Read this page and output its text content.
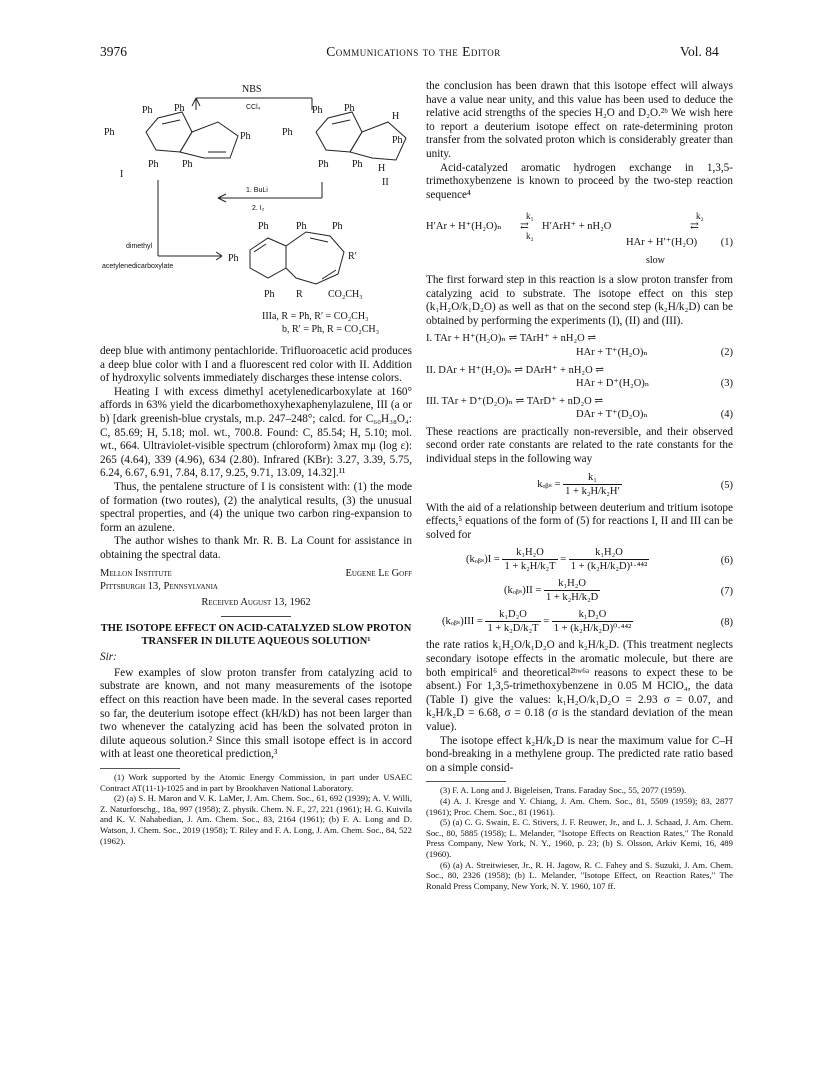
3976	Communications to the Editor	Vol. 84
NBS
CCl₄
Ph Ph
Ph	Ph
Ph Ph
I
Ph Ph
Ph
H
Ph
H
Ph Ph
II
1. BuLi
2. I₂
dimethyl
acetylenedicarboxylate
Ph	Ph	Ph
Ph	R′
Ph R	CO₂CH₃
IIIa, R = Ph, R′ = CO₂CH₃
b, R′ = Ph, R = CO₂CH₃

deep blue with antimony pentachloride. Trifluoroacetic acid produces a deep blue color with I and a fluorescent red color with II. Addition of hydroxylic solvents immediately discharges these intense colors.

Heating I with excess dimethyl acetylenedicarboxylate at 160° affords in 63% yield the dicarbomethoxyhexaphenylazulene, III (a or b) [dark greenish-blue crystals, m.p. 247–248°; calcd. for C₆₀H₃₈O₄: C, 85.69; H, 5.18; mol. wt., 700.8. Found: C, 85.54; H, 5.10; mol. wt., 664. Ultraviolet-visible spectrum (chloroform) λmax mμ (log ε): 265 (4.64), 339 (4.96), 634 (2.80). Infrared (KBr): 3.27, 3.39, 5.75, 6.24, 6.67, 6.91, 7.84, 8.17, 9.25, 9.71, 13.09, 14.32].¹¹

Thus, the pentalene structure of I is consistent with: (1) the mode of formation (two routes), (2) the analytical results, (3) the unusual spectral properties, and (4) the unique two carbon ring-expansion to form an azulene.

The author wishes to thank Mr. R. B. La Count for assistance in obtaining the spectral data.

Mellon Institute	Eugene Le Goff
Pittsburgh 13, Pennsylvania
Received August 13, 1962
THE ISOTOPE EFFECT ON ACID-CATALYZED SLOW PROTON TRANSFER IN DILUTE AQUEOUS SOLUTION¹
Sir:

Few examples of slow proton transfer from catalyzing acid to substrate are known, and not many measurements of the isotope effect on this reaction have been made. In the several cases reported so far, the deuterium isotope effect (kH/kD) has not been larger than two whenever the catalyzing acid has been the solvated proton in dilute aqueous solution.² Since this small isotope effect is in accord with at least one theoretical prediction,³

(1) Work supported by the Atomic Energy Commission, in part under USAEC Contract AT(11-1)-1025 and in part by Brookhaven National Laboratory.

(2) (a) S. H. Maron and V. K. LaMer, J. Am. Chem. Soc., 61, 692 (1939); A. V. Willi, Z. Naturforschg., 18a, 997 (1958); Z. physik. Chem. N. F., 27, 221 (1961); H. G. Kuivila and K. V. Nahabedian, J. Am. Chem. Soc., 83, 2164 (1961); (b) F. A. Long and D. Watson, J. Chem. Soc., 2019 (1958); T. Riley and F. A. Long, J. Am. Chem. Soc., 84, 522 (1962).

the conclusion has been drawn that this isotope effect will always have a value near unity, and this value has been used to deduce the relative acid strengths of the species H₂O and D₂O.²ᵇ We wish here to report a deuterium isotope effect on rate-determining proton transfer from the solvated proton which is considerably greater than unity.

Acid-catalyzed aromatic hydrogen exchange in 1,3,5-trimethoxybenzene is known to proceed by the two-step reaction sequence⁴

H′Ar + H⁺(H₂O)ₙ
k₁
⇄
k₂
H′ArH⁺ + nH₂O
k₂
⇄
HAr + H′⁺(H₂O) (1)
slow

The first forward step in this reaction is a slow proton transfer from catalyzing acid to substrate. The isotope effect on this step (k₁H₂O/k₁D₂O) as well as that on the second step (k₂H/k₂D) can be obtained by performing the experiments (I), (II) and (III).

I. TAr + H⁺(H₂O)ₙ ⇌ TArH⁺ + nH₂O ⇌
HAr + T⁺(H₂O)ₙ	(2)
II. DAr + H⁺(H₂O)ₙ ⇌ DArH⁺ + nH₂O ⇌
HAr + D⁺(H₂O)ₙ	(3)
III. TAr + D⁺(D₂O)ₙ ⇌ TArD⁺ + nD₂O ⇌
DAr + T⁺(D₂O)ₙ	(4)

These reactions are practically non-reversible, and their observed second order rate constants are related to the rate constants for the individual steps in the following way

kₒᵦₛ = $\frac{\text{k₁}}{\text{1 + k₂H/k₂H′}}$	(5)

With the aid of a relationship between deuterium and tritium isotope effects,⁵ equations of the form of (5) for reactions I, II and III can be solved for

(kₒᵦₛ)I = $\frac{\text{k₁H₂O}}{\text{1 + k₂H/k₂T}} = \frac{\text{k₁H₂O}}{\text{1 + (k₂H/k₂D)¹·⁴⁴²}}$	(6)
(kₒᵦₛ)II = $\frac{\text{k₁H₂O}}{\text{1 + k₂H/k₂D}}$	(7)
(kₒᵦₛ)III = $\frac{\text{k₁D₂O}}{\text{1 + k₂D/k₂T}} = \frac{\text{k₁D₂O}}{\text{1 + (k₂H/k₂D)⁰·⁴⁴²}}$	(8)

the rate ratios k₁H₂O/k₁D₂O and k₂H/k₂D. (This treatment neglects secondary isotope effects in the aromatic molecule, but there are both empirical⁶ and theoretical²ᵇʷ⁶ᵃ reasons to expect these to be absent.) For 1,3,5-trimethoxybenzene in 0.05 M HClO₄, the data (Table I) give the values: k₁H₂O/k₁D₂O = 2.93 σ = 0.07, and k₂H/k₂D = 6.68, σ = 0.18 (σ is the standard deviation of the mean value).

The isotope effect k₂H/k₂D is near the maximum value for C–H bond-breaking in a methylene group. The predicted rate ratio based on a simple consid-

(3) F. A. Long and J. Bigeleisen, Trans. Faraday Soc., 55, 2077 (1959).

(4) A. J. Kresge and Y. Chiang, J. Am. Chem. Soc., 81, 5509 (1959); 83, 2877 (1961); Proc. Chem. Soc., 81 (1961).

(5) (a) C. G. Swain, E. C. Stivers, J. F. Reuwer, Jr., and L. J. Schaad, J. Am. Chem. Soc., 80, 5885 (1958); L. Melander, "Isotope Effects on Reaction Rates," The Ronald Press Company, New York, N. Y., 1960, p. 23; (b) S. Olsson, Arkiv Kemi, 16, 489 (1960).

(6) (a) A. Streitwieser, Jr., R. H. Jagow, R. C. Fahey and S. Suzuki, J. Am. Chem. Soc., 80, 2326 (1958); (b) L. Melander, "Isotope Effect, on Reaction Rates," The Ronald Press Company, New York, N. Y. 1960, 107 ff.
